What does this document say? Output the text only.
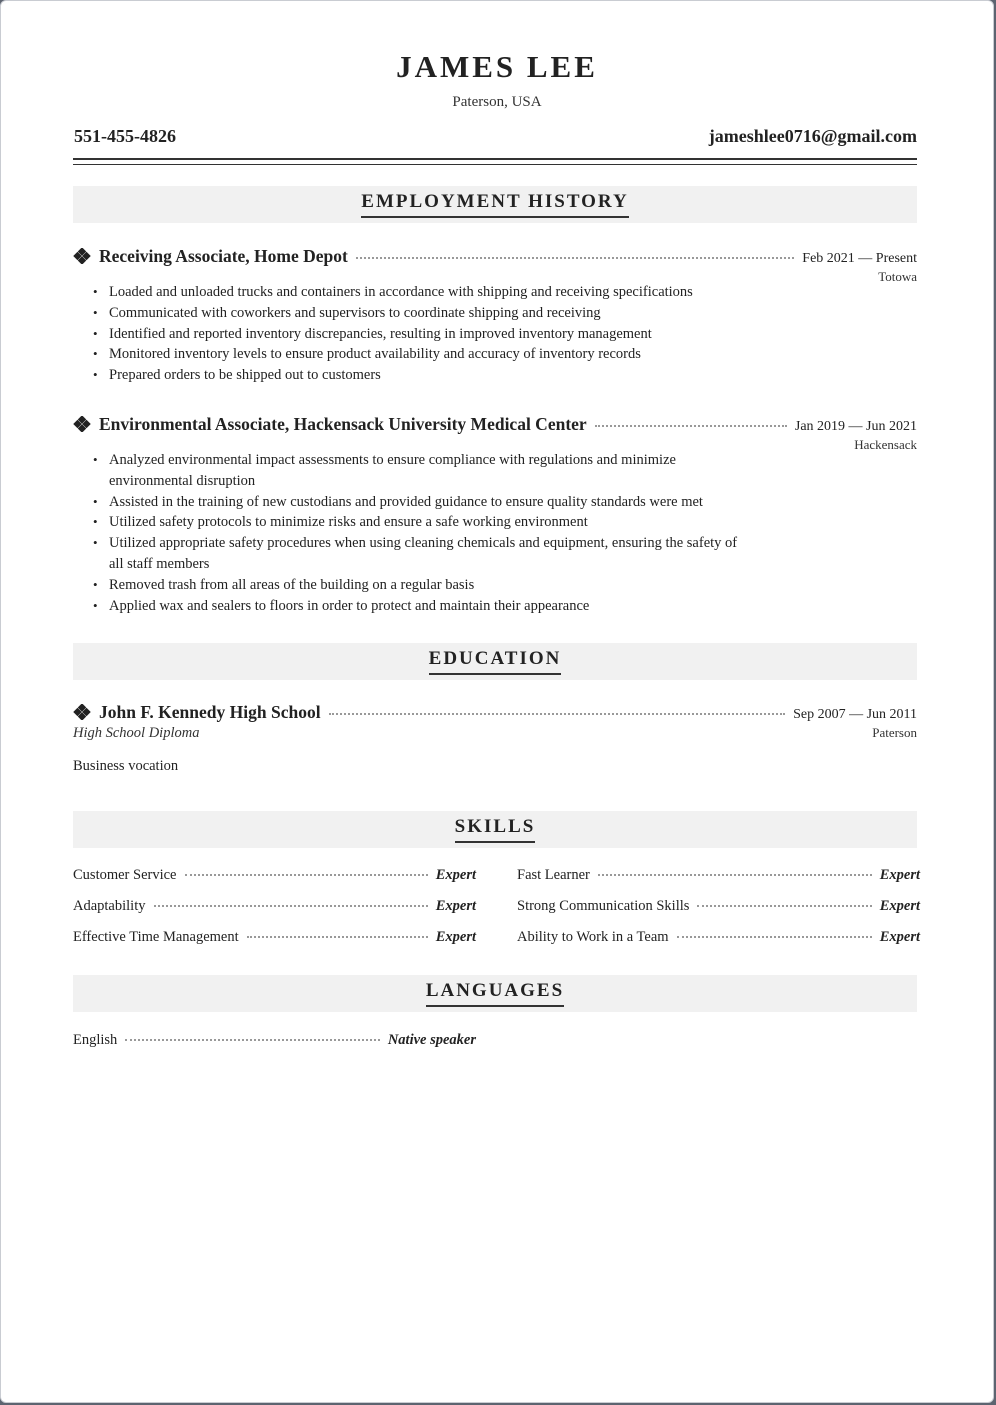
JAMES LEE
Paterson, USA
551-455-4826	jameshlee0716@gmail.com
EMPLOYMENT HISTORY
Receiving Associate, Home Depot	Feb 2021 — Present
Totowa
• Loaded and unloaded trucks and containers in accordance with shipping and receiving specifications
• Communicated with coworkers and supervisors to coordinate shipping and receiving
• Identified and reported inventory discrepancies, resulting in improved inventory management
• Monitored inventory levels to ensure product availability and accuracy of inventory records
• Prepared orders to be shipped out to customers
Environmental Associate, Hackensack University Medical Center	Jan 2019 — Jun 2021
Hackensack
• Analyzed environmental impact assessments to ensure compliance with regulations and minimize environmental disruption
• Assisted in the training of new custodians and provided guidance to ensure quality standards were met
• Utilized safety protocols to minimize risks and ensure a safe working environment
• Utilized appropriate safety procedures when using cleaning chemicals and equipment, ensuring the safety of all staff members
• Removed trash from all areas of the building on a regular basis
• Applied wax and sealers to floors in order to protect and maintain their appearance
EDUCATION
John F. Kennedy High School	Sep 2007 — Jun 2011
High School Diploma	Paterson
Business vocation
SKILLS
Customer Service	Expert	Fast Learner	Expert
Adaptability	Expert	Strong Communication Skills	Expert
Effective Time Management	Expert	Ability to Work in a Team	Expert
LANGUAGES
English	Native speaker
